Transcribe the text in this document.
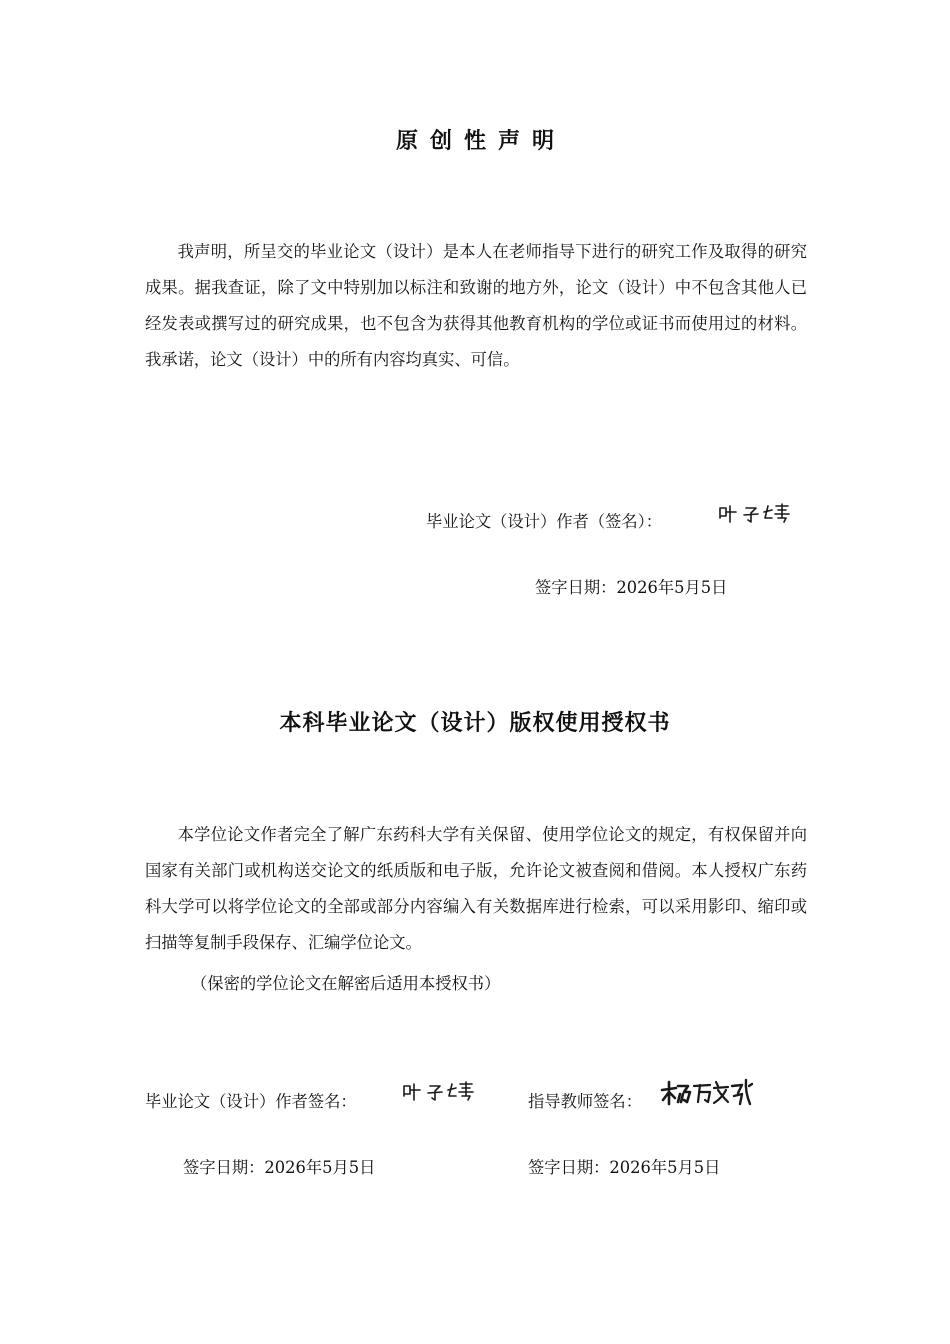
原创性声明

我声明，所呈交的毕业论文（设计）是本人在老师指导下进行的研究工作及取得的研究成果。据我查证，除了文中特别加以标注和致谢的地方外，论文（设计）中不包含其他人已经发表或撰写过的研究成果，也不包含为获得其他教育机构的学位或证书而使用过的材料。我承诺，论文（设计）中的所有内容均真实、可信。

毕业论文（设计）作者（签名）：
签字日期：2026年5月5日
本科毕业论文（设计）版权使用授权书

本学位论文作者完全了解广东药科大学有关保留、使用学位论文的规定，有权保留并向国家有关部门或机构送交论文的纸质版和电子版，允许论文被查阅和借阅。本人授权广东药科大学可以将学位论文的全部或部分内容编入有关数据库进行检索，可以采用影印、缩印或扫描等复制手段保存、汇编学位论文。

（保密的学位论文在解密后适用本授权书）
毕业论文（设计）作者签名：	指导教师签名：
签字日期：2026年5月5日	签字日期：2026年5月5日
